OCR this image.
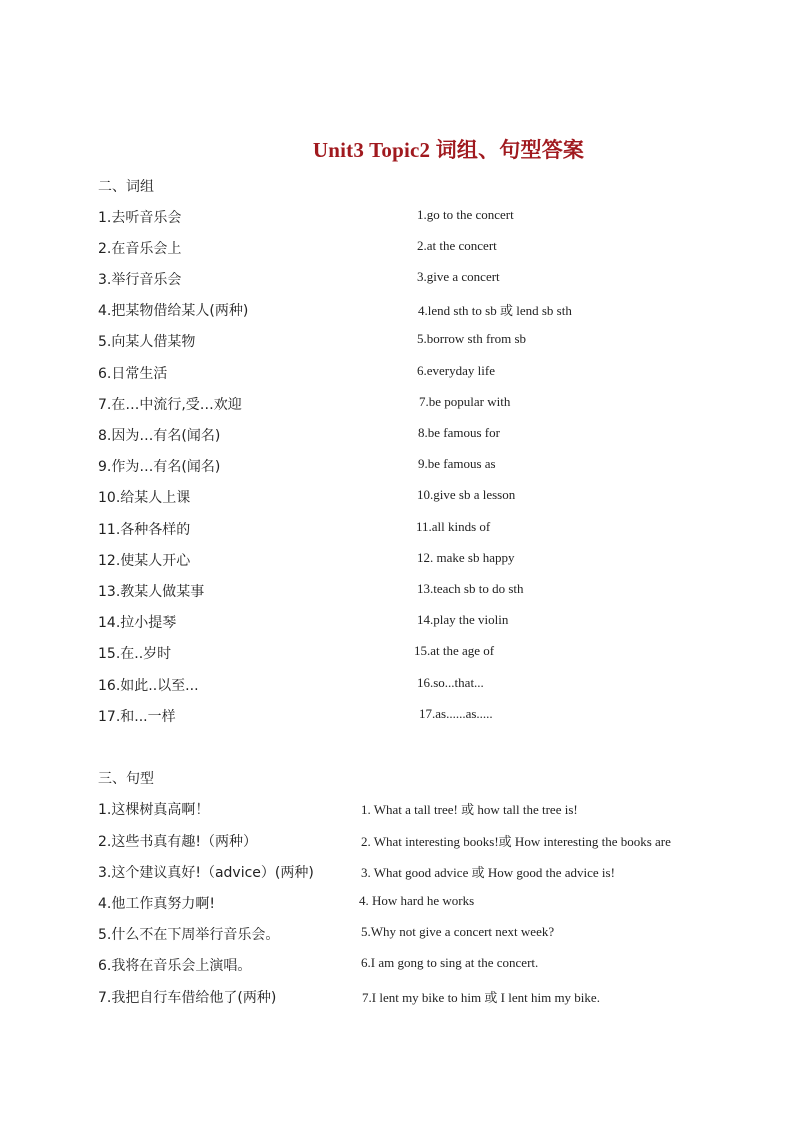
Unit3 Topic2 词组、句型答案
二、词组
1.去听音乐会	1.go to the concert
2.在音乐会上	2.at the concert
3.举行音乐会	3.give a concert
4.把某物借给某人(两种)	4.lend sth to sb 或 lend sb sth
5.向某人借某物	5.borrow sth from sb
6.日常生活	6.everyday life
7.在…中流行,受…欢迎	7.be popular with
8.因为…有名(闻名)	8.be famous for
9.作为…有名(闻名)	9.be famous as
10.给某人上课	10.give sb a lesson
11.各种各样的	11.all kinds of
12.使某人开心	12. make sb happy
13.教某人做某事	13.teach sb to do sth
14.拉小提琴	14.play the violin
15.在..岁时	15.at the age of
16.如此..以至...	16.so...that...
17.和...一样	17.as......as.....
三、句型
1.这棵树真高啊！	1. What a tall tree! 或 how tall the tree is!
2.这些书真有趣!（两种）	2. What interesting books!或 How interesting the books are
3.这个建议真好!（advice）(两种)	3. What good advice 或 How good the advice is!
4.他工作真努力啊!	4. How hard he works
5.什么不在下周举行音乐会。	5.Why not give a concert next week?
6.我将在音乐会上演唱。	6.I am gong to sing at the concert.
7.我把自行车借给他了(两种)	7.I lent my bike to him 或 I lent him my bike.
